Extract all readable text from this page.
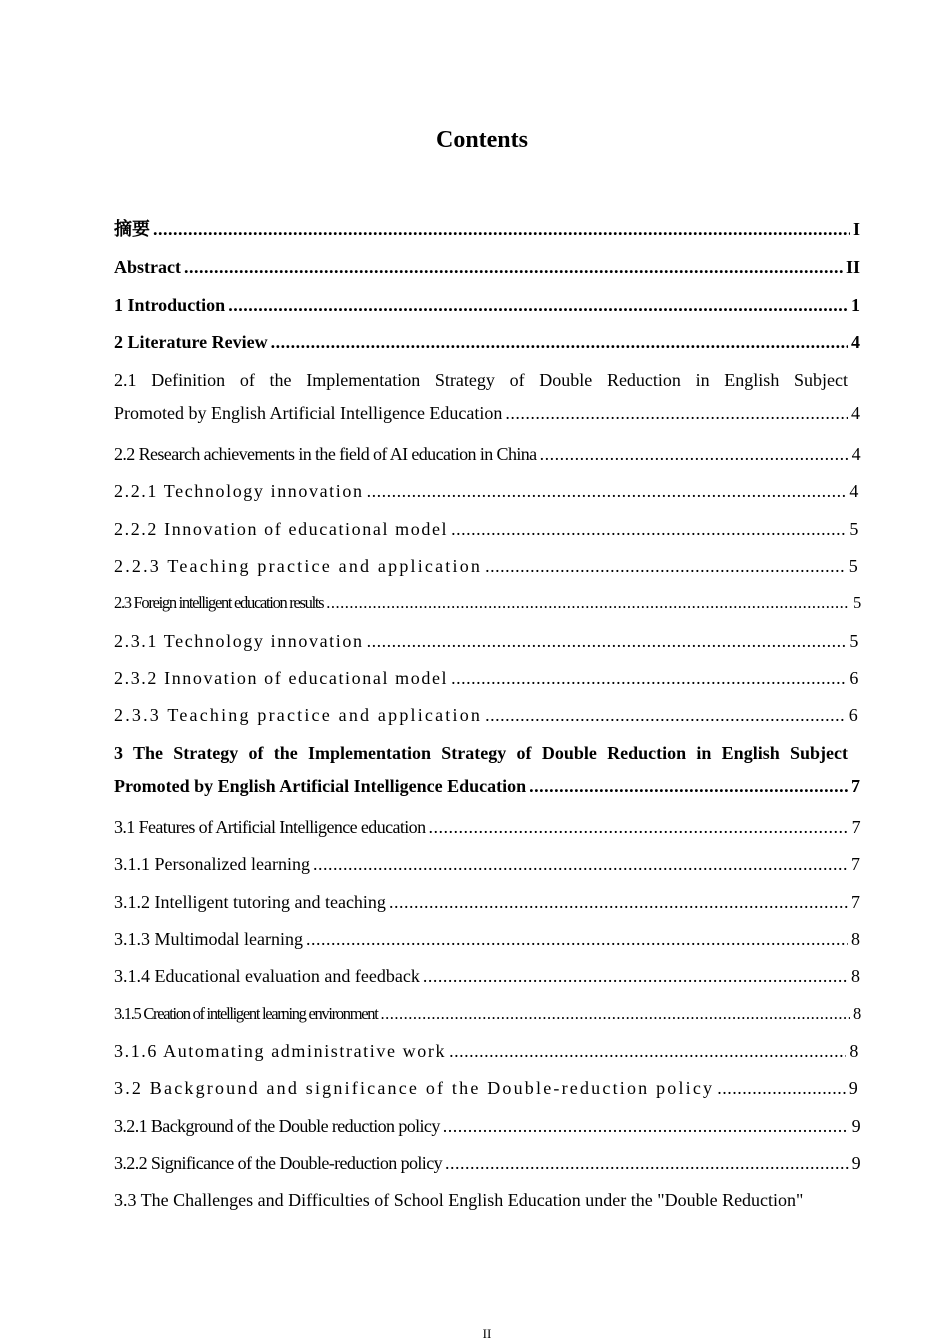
Contents
摘要 .....	I
Abstract .....	II
1 Introduction .....	1
2 Literature Review .....	4
2.1 Definition of the Implementation Strategy of Double Reduction in English Subject
Promoted by English Artificial Intelligence Education .....	4
2.2 Research achievements in the field of AI education in China .....	4
2.2.1 Technology innovation .....	4
2.2.2 Innovation of educational model .....	5
2.2.3 Teaching practice and application .....	5
2.3 Foreign intelligent education results .....	5
2.3.1 Technology innovation .....	5
2.3.2 Innovation of educational model .....	6
2.3.3 Teaching practice and application .....	6
3 The Strategy of the Implementation Strategy of Double Reduction in English Subject
Promoted by English Artificial Intelligence Education .....	7
3.1 Features of Artificial Intelligence education .....	7
3.1.1 Personalized learning .....	7
3.1.2 Intelligent tutoring and teaching .....	7
3.1.3 Multimodal learning .....	8
3.1.4 Educational evaluation and feedback .....	8
3.1.5 Creation of intelligent learning environment .....	8
3.1.6 Automating administrative work .....	8
3.2 Background and significance of the Double-reduction policy .....	9
3.2.1 Background of the Double reduction policy .....	9
3.2.2 Significance of the Double-reduction policy .....	9
3.3 The Challenges and Difficulties of School English Education under the "Double Reduction"
II
